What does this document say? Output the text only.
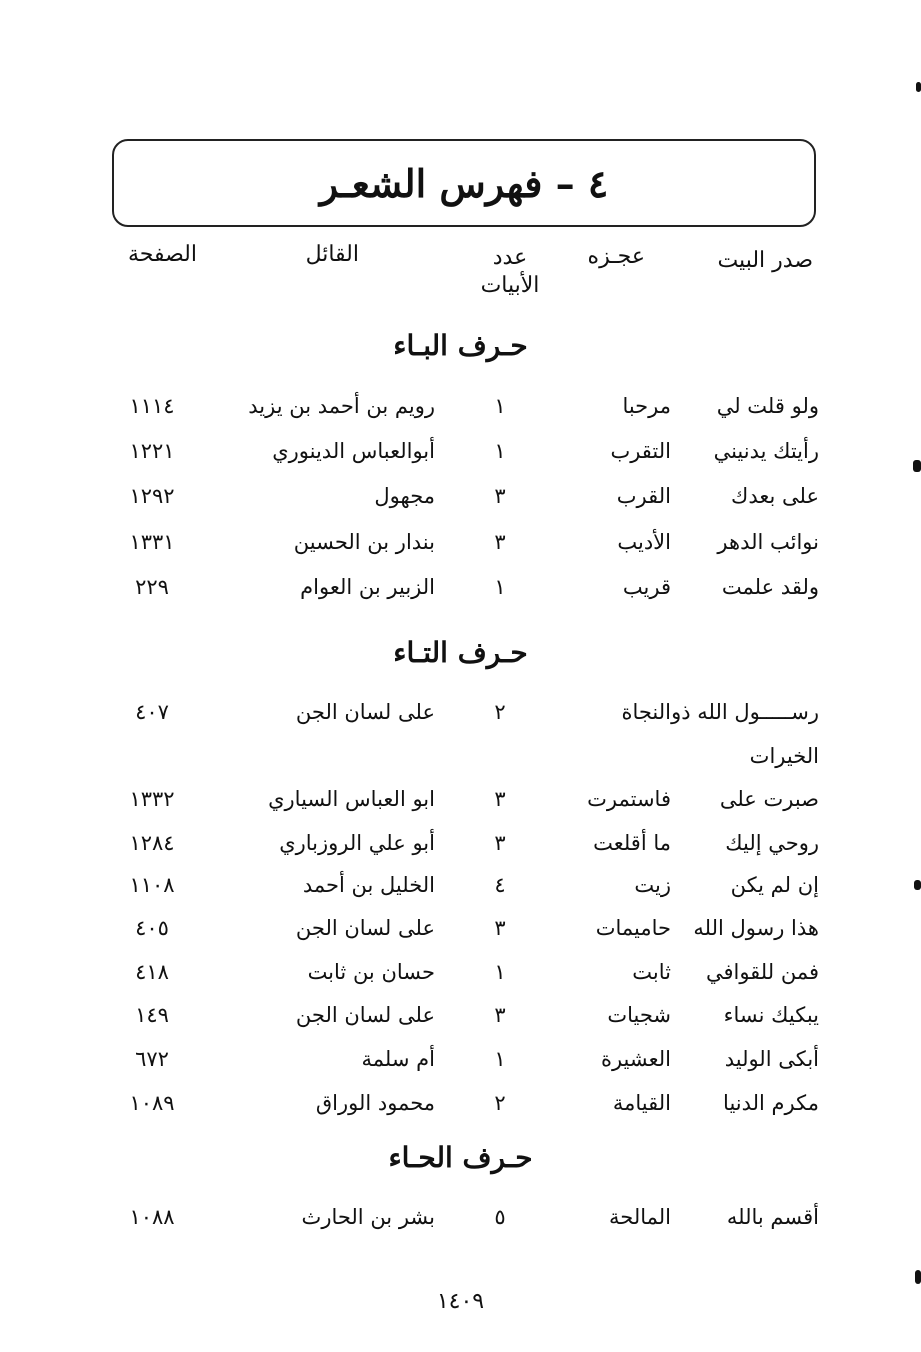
٤ – فهرس الشعـر
صدر البيت
عجـزه
عدد
الأبيات
القائل
الصفحة
حـرف البـاء
ولو قلت لي
مرحبا
١
رويم بن أحمد بن يزيد
١١١٤
رأيتك يدنيني
التقرب
١
أبوالعباس الدينوري
١٢٢١
على بعدك
القرب
٣
مجهول
١٢٩٢
نوائب الدهر
الأديب
٣
بندار بن الحسين
١٣٣١
ولقد علمت
قريب
١
الزبير بن العوام
٢٢٩
حـرف التـاء
رســـــول الله ذو
الخيرات
النجاة
٢
على لسان الجن
٤٠٧
صبرت على
فاستمرت
٣
ابو العباس السياري
١٣٣٢
روحي إليك
ما أقلعت
٣
أبو علي الروزباري
١٢٨٤
إن لم يكن
زيت
٤
الخليل بن أحمد
١١٠٨
هذا رسول الله
حاميمات
٣
على لسان الجن
٤٠٥
فمن للقوافي
ثابت
١
حسان بن ثابت
٤١٨
يبكيك نساء
شجيات
٣
على لسان الجن
١٤٩
أبكى الوليد
العشيرة
١
أم سلمة
٦٧٢
مكرم الدنيا
القيامة
٢
محمود الوراق
١٠٨٩
حـرف الحـاء
أقسم بالله
المالحة
٥
بشر بن الحارث
١٠٨٨
١٤٠٩
